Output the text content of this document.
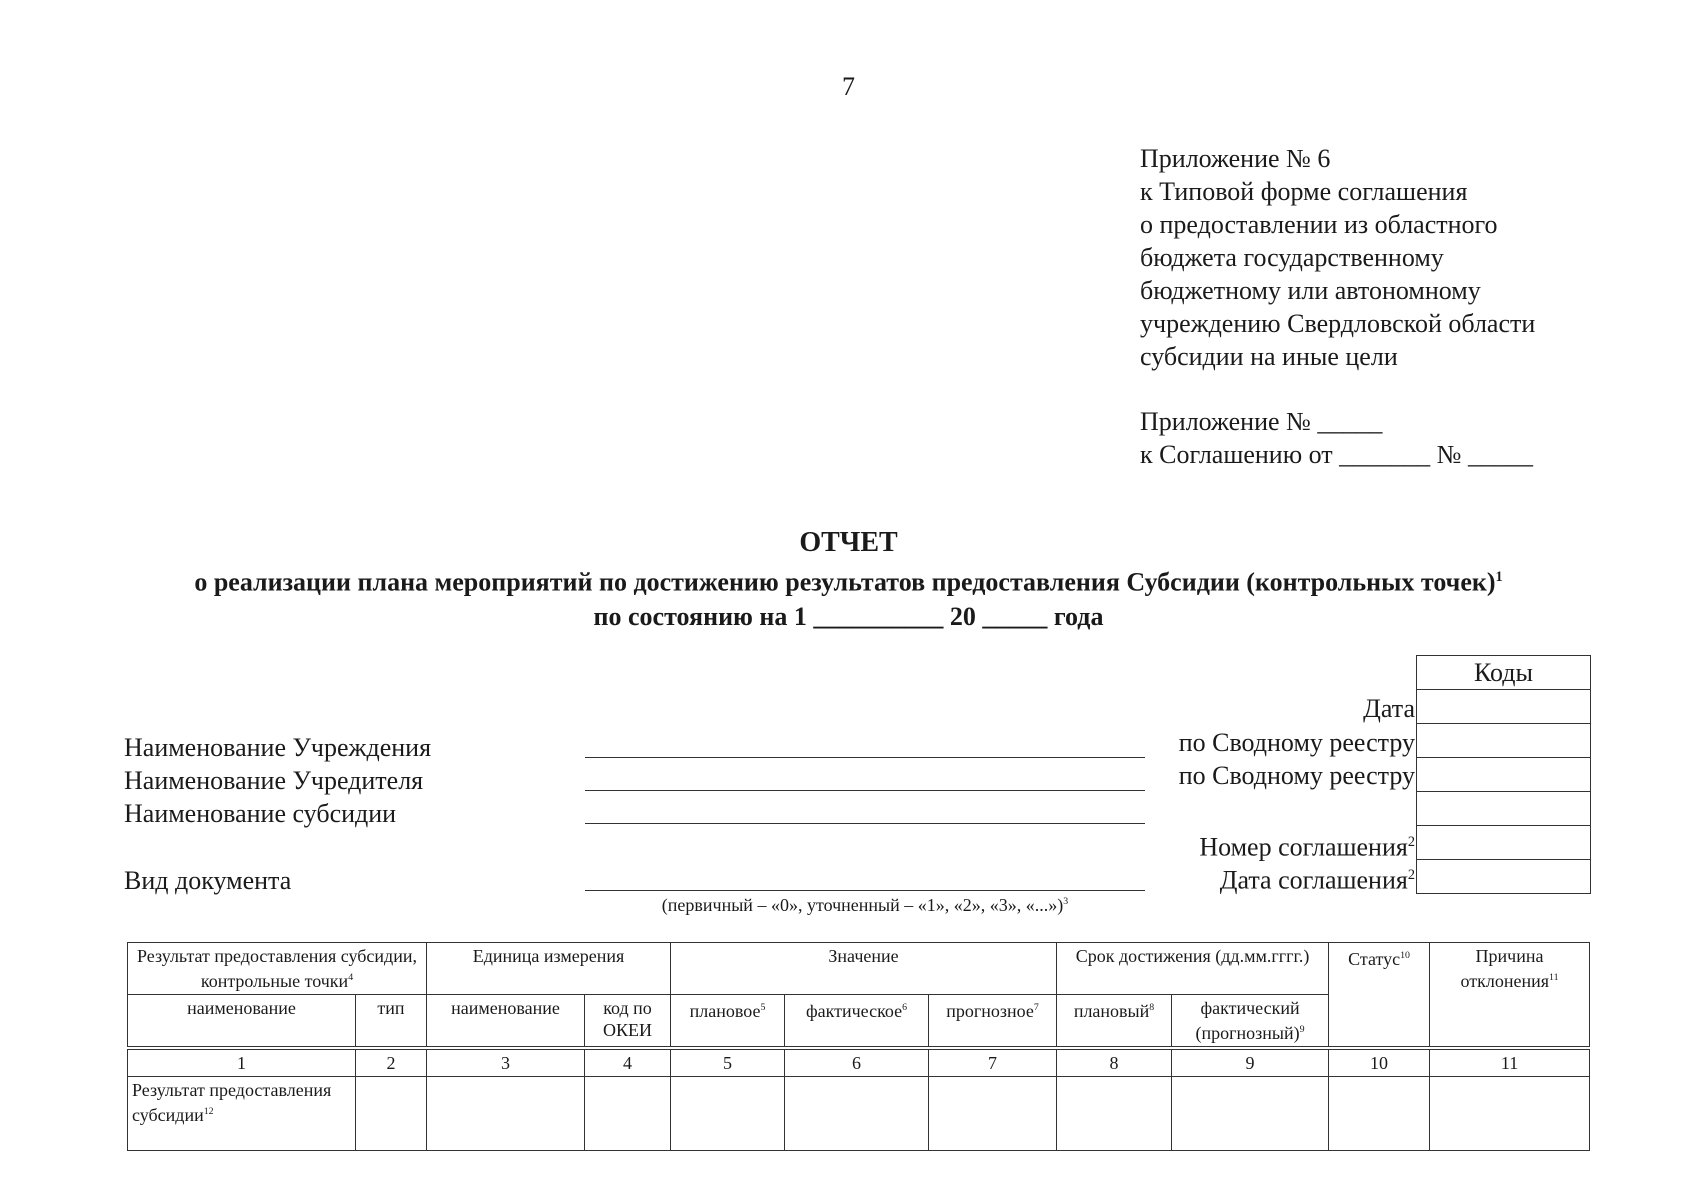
7
Приложение № 6
к Типовой форме соглашения
о предоставлении из областного
бюджета государственному
бюджетному или автономному
учреждению Свердловской области
субсидии на иные цели
Приложение № _____
к Соглашению от _______ № _____
ОТЧЕТ
о реализации плана мероприятий по достижению результатов предоставления Субсидии (контрольных точек)$^1$
по состоянию на 1 __________ 20 _____ года
Наименование Учреждения
Наименование Учредителя
Наименование субсидии
Вид документа
(первичный – «0», уточненный – «1», «2», «3», «...»)$^3$
Дата
по Сводному реестру
по Сводному реестру
Номер соглашения$^2$
Дата соглашения$^2$
Коды
Результат предоставления субсидии, контрольные точки$^4$		Единица измерения		Значение			Срок достижения (дд.мм.гггг.)		Статус$^{10}$	Причина отклонения$^{11}$
наименование	тип	наименование	код по ОКЕИ	плановое$^5$	фактическое$^6$	прогнозное$^7$	плановый$^8$	фактический (прогнозный)$^9$
1	2	3	4	5	6	7	8	9	10	11
Результат предоставления субсидии$^{12}$										
